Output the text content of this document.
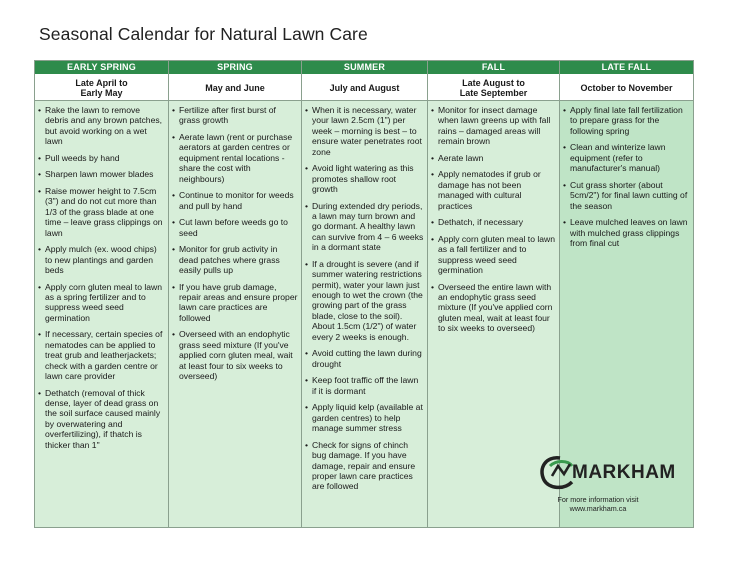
Seasonal Calendar for Natural Lawn Care
EARLY SPRING
Late April to
Early May
• Rake the lawn to remove debris and any brown patches, but avoid working on a wet lawn
• Pull weeds by hand
• Sharpen lawn mower blades
• Raise mower height to 7.5cm (3") and do not cut more than 1/3 of the grass blade at one time – leave grass clippings on lawn
• Apply mulch (ex. wood chips) to new plantings and garden beds
• Apply corn gluten meal to lawn as a spring fertilizer and to suppress weed seed germination
• If necessary, certain species of nematodes can be applied to treat grub and leatherjackets; check with a garden centre or lawn care provider
• Dethatch (removal of thick dense, layer of dead grass on the soil surface caused mainly by overwatering and overfertilizing), if thatch is thicker than 1"
SPRING
May and June
• Fertilize after first burst of grass growth
• Aerate lawn (rent or purchase aerators at garden centres or equipment rental locations - share the cost with neighbours)
• Continue to monitor for weeds and pull by hand
• Cut lawn before weeds go to seed
• Monitor for grub activity in dead patches where grass easily pulls up
• If you have grub damage, repair areas and ensure proper lawn care practices are followed
• Overseed with an endophytic grass seed mixture (If you've applied corn gluten meal, wait at least four to six weeks to overseed)
SUMMER
July and August
• When it is necessary, water your lawn 2.5cm (1") per week – morning is best – to ensure water penetrates root zone
• Avoid light watering as this promotes shallow root growth
• During extended dry periods, a lawn may turn brown and go dormant. A healthy lawn can survive from 4 – 6 weeks in a dormant state
• If a drought is severe (and if summer watering restrictions permit), water your lawn just enough to wet the crown (the growing part of the grass blade, close to the soil). About 1.5cm (1/2") of water every 2 weeks is enough.
• Avoid cutting the lawn during drought
• Keep foot traffic off the lawn if it is dormant
• Apply liquid kelp (available at garden centres) to help manage summer stress
• Check for signs of chinch bug damage. If you have damage, repair and ensure proper lawn care practices are followed
FALL
Late August to
Late September
• Monitor for insect damage when lawn greens up with fall rains – damaged areas will remain brown
• Aerate lawn
• Apply nematodes if grub or damage has not been managed with cultural practices
• Dethatch, if necessary
• Apply corn gluten meal to lawn as a fall fertilizer and to suppress weed seed germination
• Overseed the entire lawn with an endophytic grass seed mixture (If you've applied corn gluten meal, wait at least four to six weeks to overseed)
LATE FALL
October to November
• Apply final late fall fertilization to prepare grass for the following spring
• Clean and winterize lawn equipment (refer to manufacturer's manual)
• Cut grass shorter (about 5cm/2") for final lawn cutting of the season
• Leave mulched leaves on lawn with mulched grass clippings from final cut
MARKHAM
For more information visit
www.markham.ca
